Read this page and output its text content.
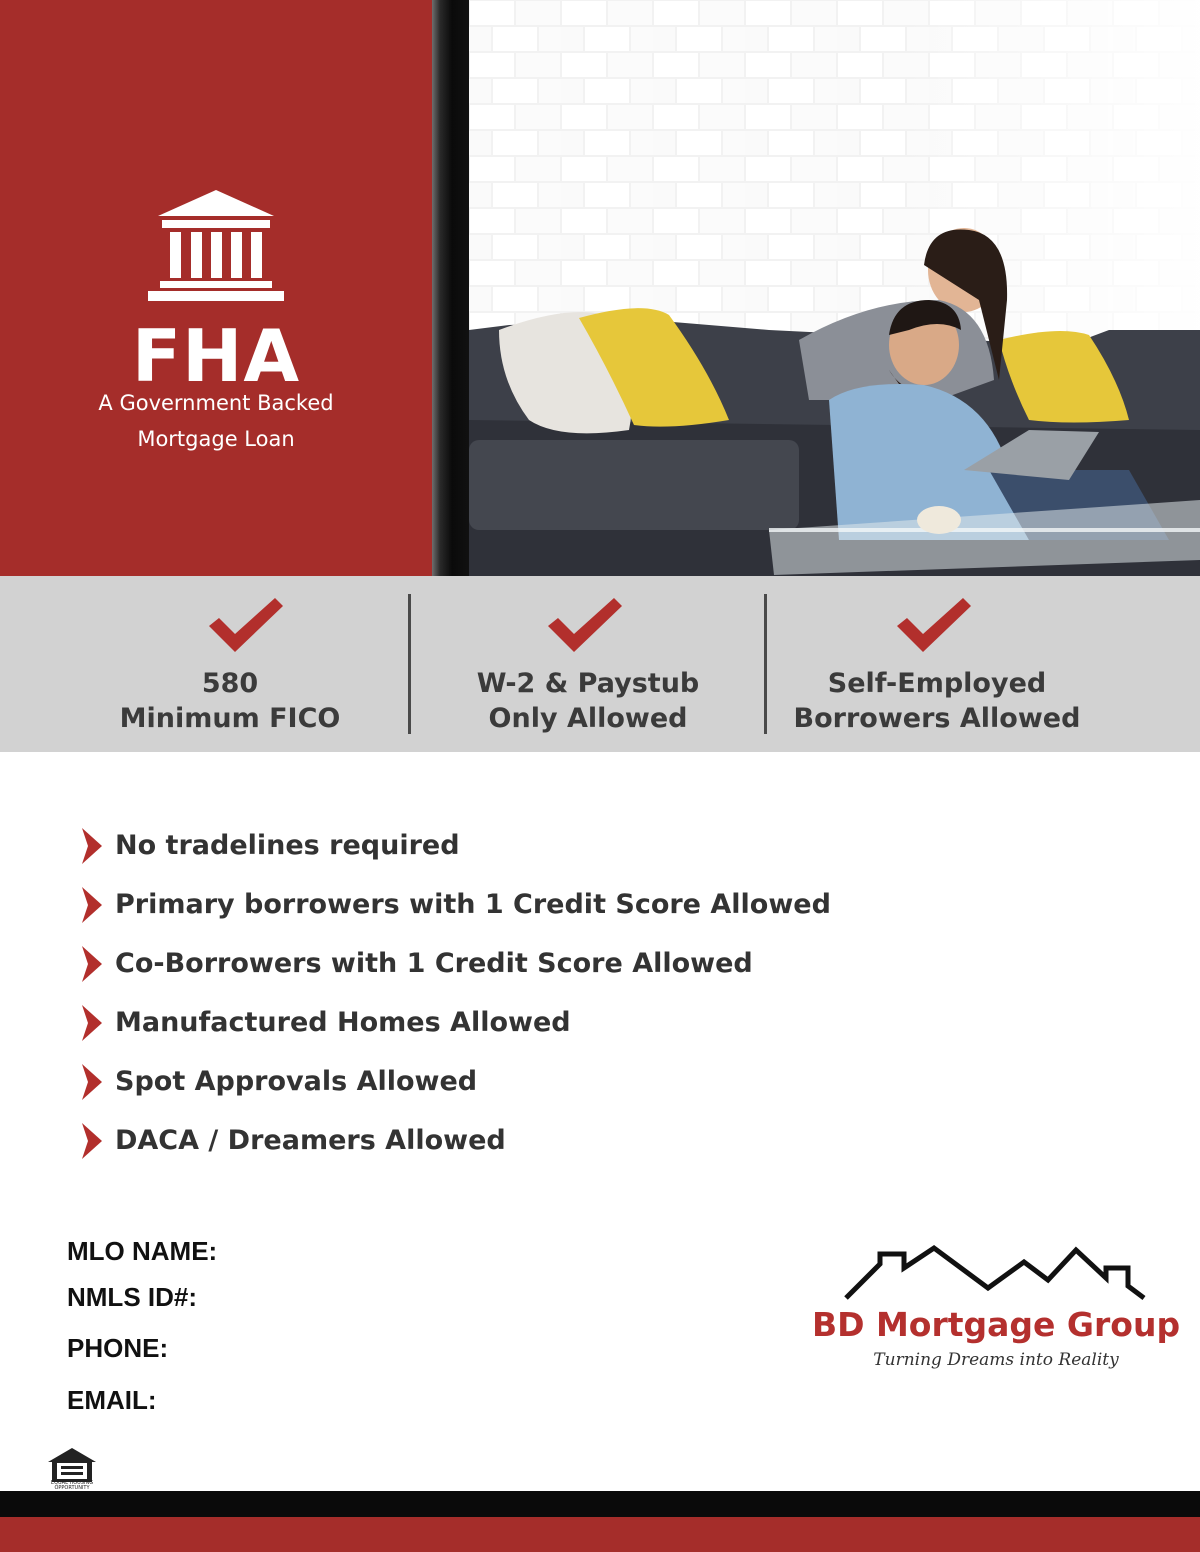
FHA
A Government Backed
Mortgage Loan
580
Minimum FICO
W-2 & Paystub
Only Allowed
Self-Employed
Borrowers Allowed
No tradelines required
Primary borrowers with 1 Credit Score Allowed
Co-Borrowers with 1 Credit Score Allowed
Manufactured Homes Allowed
Spot Approvals Allowed
DACA / Dreamers Allowed
MLO NAME:
NMLS ID#:
PHONE:
EMAIL:
BD Mortgage Group
Turning Dreams into Reality
EQUAL HOUSING OPPORTUNITY
